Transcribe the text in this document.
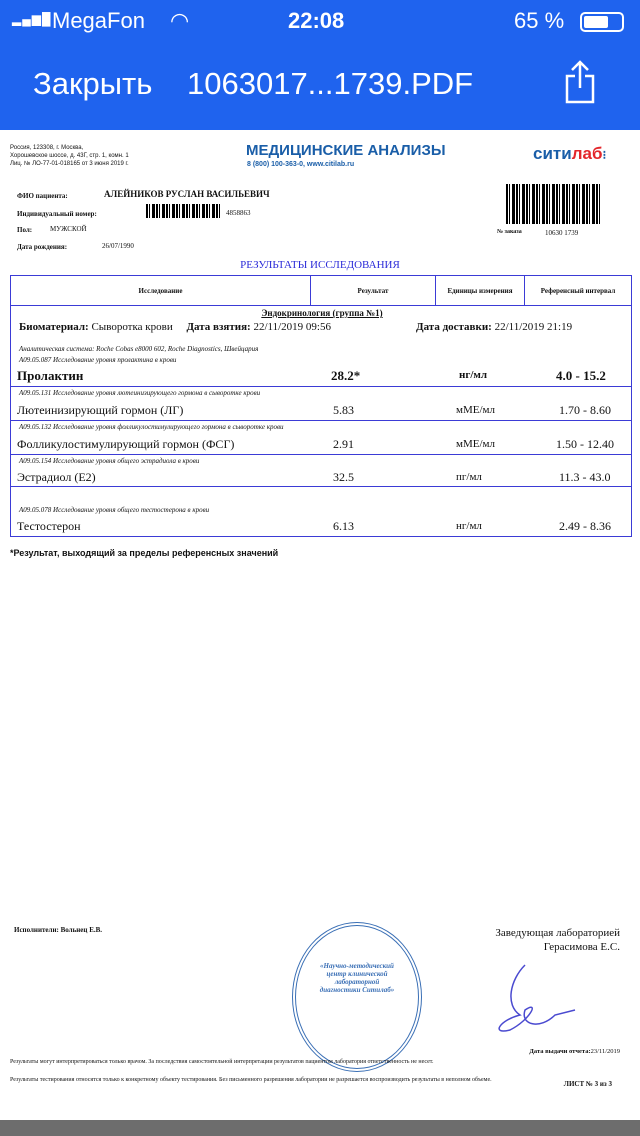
▂▄▆█ MegaFon ◠	22:08	65 %
Закрыть 1063017...1739.PDF
Россия, 123308, г. Москва,
Хорошевское шоссе, д. 43Г, стр. 1, комн. 1
Лиц. № ЛО-77-01-018165 от 3 июня 2019 г.
МЕДИЦИНСКИЕ АНАЛИЗЫ
8 (800) 100-363-0, www.citilab.ru
ситилаб⁝
ФИО пациента:	АЛЕЙНИКОВ РУСЛАН ВАСИЛЬЕВИЧ
Индивидуальный номер:	4858863
Пол:	МУЖСКОЙ
Дата рождения:	26/07/1990
№ заказа	10630 1739
РЕЗУЛЬТАТЫ ИССЛЕДОВАНИЯ
Исследование	Результат	Единицы измерения	Референсный интервал
Эндокринология (группа №1)
Биоматериал: Сыворотка крови Дата взятия: 22/11/2019 09:56	Дата доставки: 22/11/2019 21:19
Аналитическая система: Roche Cobas e8000 602, Roche Diagnostics, Швейцария
A09.05.087 Исследование уровня пролактина в крови
Пролактин	28.2*	нг/мл	4.0 - 15.2
A09.05.131 Исследование уровня лютеинизирующего гормона в сыворотке крови
Лютеинизирующий гормон (ЛГ)	5.83	мМЕ/мл	1.70 - 8.60
A09.05.132 Исследование уровня фолликулостимулирующего гормона в сыворотке крови
Фолликулостимулирующий гормон (ФСГ)	2.91	мМЕ/мл	1.50 - 12.40
A09.05.154 Исследование уровня общего эстрадиола в крови
Эстрадиол (Е2)	32.5	пг/мл	11.3 - 43.0
A09.05.078 Исследование уровня общего тестостерона в крови
Тестостерон	6.13	нг/мл	2.49 - 8.36
*Результат, выходящий за пределы референсных значений
Исполнители: Вольнец Е.В.	Заведующая лабораторией
Герасимова Е.С.
«Научно-методический центр клинической лабораторной диагностики Ситилаб»
Дата выдачи отчета:23/11/2019
Результаты могут интерпретироваться только врачом. За последствия самостоятельной интерпретации результатов пациентом лаборатория ответственность не несет.
Результаты тестирования относятся только к конкретному объекту тестирования. Без письменного разрешения лаборатории не разрешается воспроизводить результаты в неполном объеме.	ЛИСТ № 3 из 3
